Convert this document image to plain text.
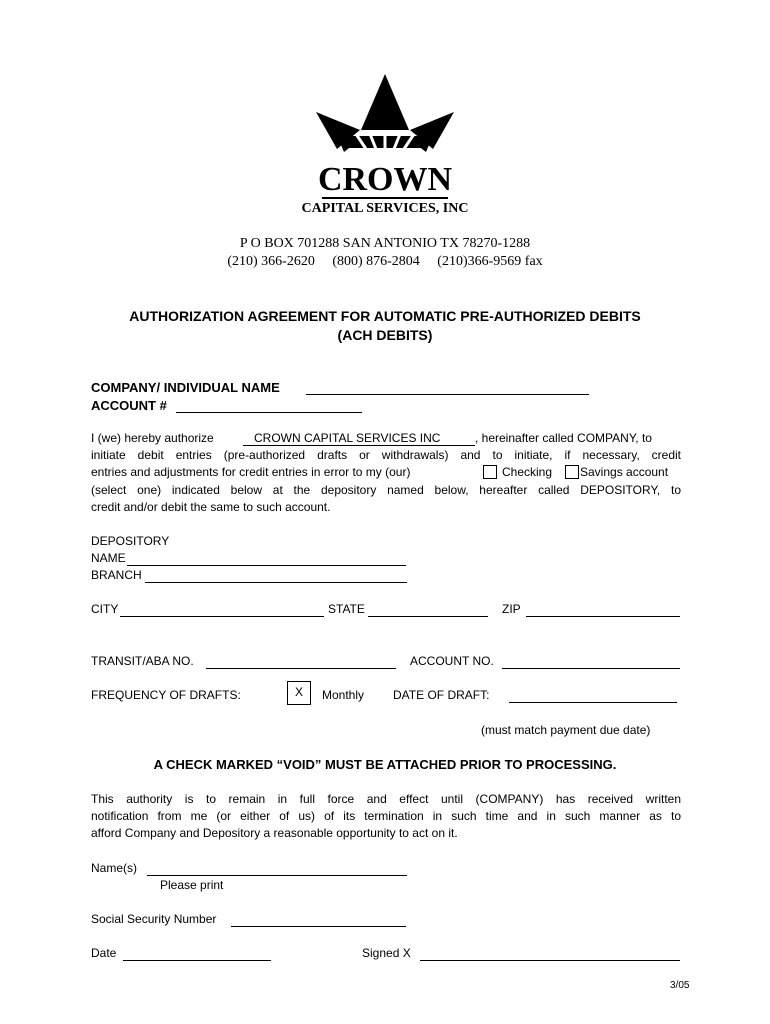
CROWN
CAPITAL SERVICES, INC
P O BOX 701288 SAN ANTONIO TX 78270-1288
(210) 366-2620     (800) 876-2804     (210)366-9569 fax
AUTHORIZATION AGREEMENT FOR AUTOMATIC PRE-AUTHORIZED DEBITS
(ACH DEBITS)
COMPANY/ INDIVIDUAL NAME
ACCOUNT #
I (we) hereby authorize	CROWN CAPITAL SERVICES INC	, hereinafter called COMPANY, to
initiate debit entries (pre-authorized drafts or withdrawals) and to initiate, if necessary, credit
entries and adjustments for credit entries in error to my (our)	Checking Savings account
(select one) indicated below at the depository named below, hereafter called DEPOSITORY, to
credit and/or debit the same to such account.
DEPOSITORY
NAME
BRANCH
CITY	STATE	ZIP
TRANSIT/ABA NO.	ACCOUNT NO.
FREQUENCY OF DRAFTS:	X	Monthly DATE OF DRAFT:
(must match payment due date)
A CHECK MARKED “VOID” MUST BE ATTACHED PRIOR TO PROCESSING.
This authority is to remain in full force and effect until (COMPANY) has received written
notification from me (or either of us) of its termination in such time and in such manner as to
afford Company and Depository a reasonable opportunity to act on it.
Name(s)
Please print
Social Security Number
Date	Signed X
3/05
